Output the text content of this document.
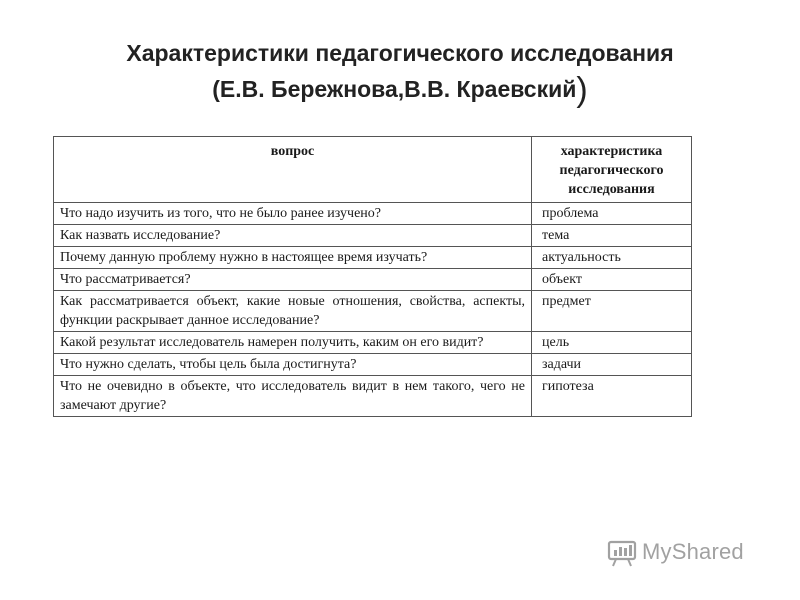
Характеристики педагогического исследования
(Е.В. Бережнова,В.В. Краевский)
вопрос	характеристика педагогического исследования
Что надо изучить из того, что не было ранее изучено?	проблема
Как назвать исследование?	тема
Почему данную проблему нужно в настоящее время изучать?	актуальность
Что рассматривается?	объект
Как рассматривается объект, какие новые отношения, свойства, аспекты, функции раскрывает данное исследование?	предмет
Какой результат исследователь намерен получить, каким он его видит?	цель
Что нужно сделать, чтобы цель была достигнута?	задачи
Что не очевидно в объекте, что исследователь видит в нем такого, чего не замечают другие?	гипотеза
MyShared
